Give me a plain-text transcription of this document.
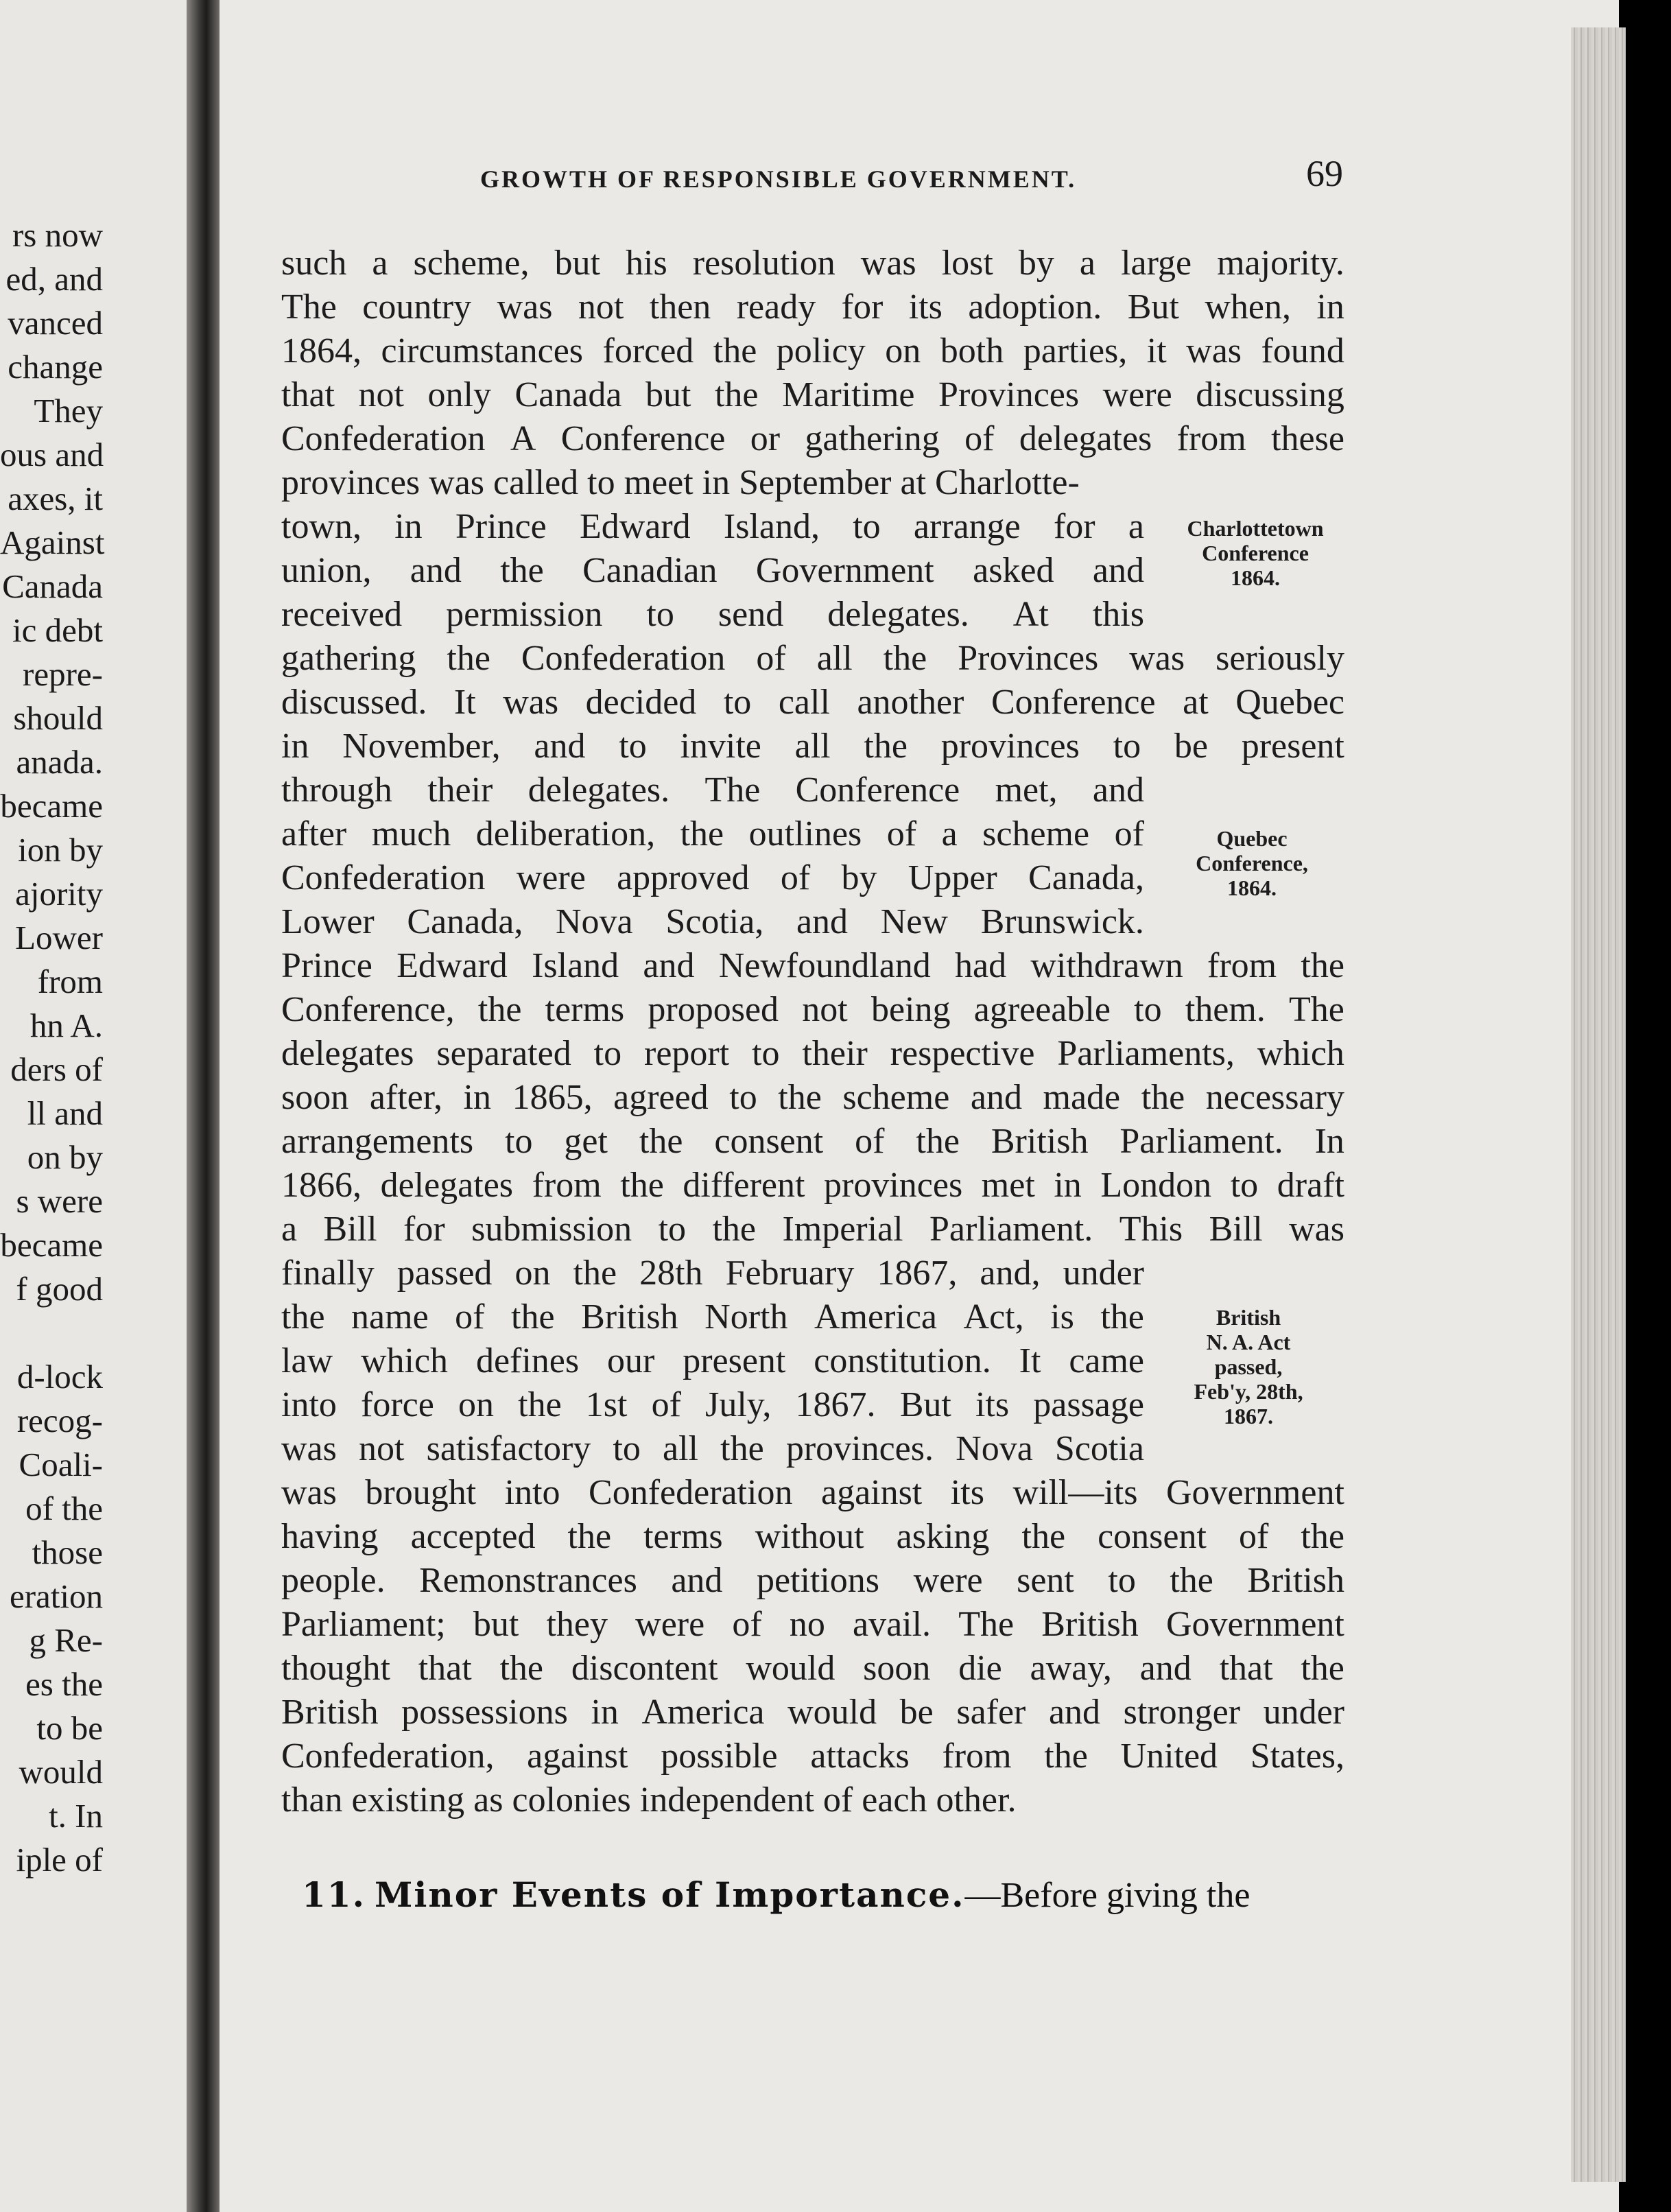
rs now
ed, and
vanced
change
They
ous and
axes, it
Against
Canada
ic debt
repre-
should
anada.
became
ion by
ajority
Lower
from
hn A.
ders of
ll and
on by
s were
became
f good
d-lock
recog-
Coali-
of the
those
eration
g Re-
es the
to be
would
t. In
iple of
GROWTH OF RESPONSIBLE GOVERNMENT.	69
such a scheme, but his resolution was lost by a large majority.
The country was not then ready for its adoption. But when, in
1864, circumstances forced the policy on both parties, it was found
that not only Canada but the Maritime Provinces were discussing
Confederation A Conference or gathering of delegates from these
provinces was called to meet in September at Charlotte-
town, in Prince Edward Island, to arrange for a
union, and the Canadian Government asked and
received permission to send delegates. At this
gathering the Confederation of all the Provinces was seriously
discussed. It was decided to call another Conference at Quebec
in November, and to invite all the provinces to be present
through their delegates. The Conference met, and
after much deliberation, the outlines of a scheme of
Confederation were approved of by Upper Canada,
Lower Canada, Nova Scotia, and New Brunswick.
Prince Edward Island and Newfoundland had withdrawn from the
Conference, the terms proposed not being agreeable to them. The
delegates separated to report to their respective Parliaments, which
soon after, in 1865, agreed to the scheme and made the necessary
arrangements to get the consent of the British Parliament. In
1866, delegates from the different provinces met in London to draft
a Bill for submission to the Imperial Parliament. This Bill was
finally passed on the 28th February 1867, and, under
the name of the British North America Act, is the
law which defines our present constitution. It came
into force on the 1st of July, 1867. But its passage
was not satisfactory to all the provinces. Nova Scotia
was brought into Confederation against its will—its Government
having accepted the terms without asking the consent of the
people. Remonstrances and petitions were sent to the British
Parliament; but they were of no avail. The British Government
thought that the discontent would soon die away, and that the
British possessions in America would be safer and stronger under
Confederation, against possible attacks from the United States,
than existing as colonies independent of each other.
Charlottetown
Conference
1864.
Quebec
Conference,
1864.
British
N. A. Act
passed,
Feb'y, 28th,
1867.
11. Minor Events of Importance.—Before giving the
